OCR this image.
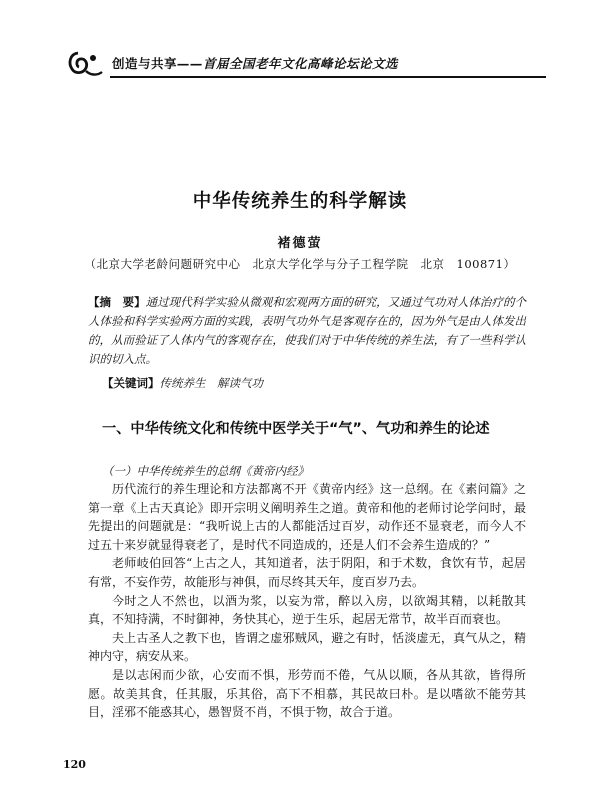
创造与共享——首届全国老年文化高峰论坛论文选
中华传统养生的科学解读
褚德萤
（北京大学老龄问题研究中心　北京大学化学与分子工程学院　北京　100871）
【摘　要】通过现代科学实验从微观和宏观两方面的研究，又通过气功对人体治疗的个人体验和科学实验两方面的实践，表明气功外气是客观存在的，因为外气是由人体发出的，从而验证了人体内气的客观存在，使我们对于中华传统的养生法，有了一些科学认识的切入点。
【关键词】传统养生　解读气功
一、中华传统文化和传统中医学关于“气”、气功和养生的论述
（一）中华传统养生的总纲《黄帝内经》

历代流行的养生理论和方法都离不开《黄帝内经》这一总纲。在《素问篇》之第一章《上古天真论》即开宗明义阐明养生之道。黄帝和他的老师讨论学问时，最先提出的问题就是：“我听说上古的人都能活过百岁，动作还不显衰老，而今人不过五十来岁就显得衰老了，是时代不同造成的，还是人们不会养生造成的？”

老师岐伯回答“上古之人，其知道者，法于阴阳，和于术数，食饮有节，起居有常，不妄作劳，故能形与神俱，而尽终其天年，度百岁乃去。

今时之人不然也，以酒为浆，以妄为常，醉以入房，以欲竭其精，以耗散其真，不知持满，不时御神，务快其心，逆于生乐，起居无常节，故半百而衰也。

夫上古圣人之教下也，皆谓之虚邪贼风，避之有时，恬淡虚无，真气从之，精神内守，病安从来。

是以志闲而少欲，心安而不惧，形劳而不倦，气从以顺，各从其欲，皆得所愿。故美其食，任其服，乐其俗，高下不相慕，其民故曰朴。是以嗜欲不能劳其目，淫邪不能惑其心，愚智贤不肖，不惧于物，故合于道。

120
